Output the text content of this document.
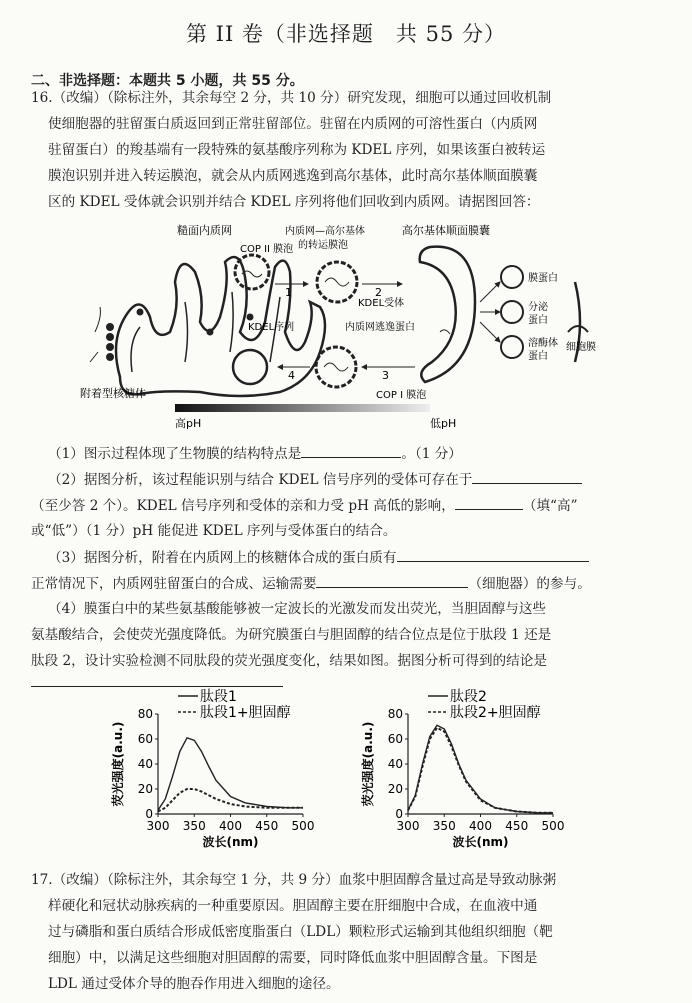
第 II 卷（非选择题　共 55 分）
二、非选择题：本题共 5 小题，共 55 分。
16.（改编）（除标注外，其余每空 2 分，共 10 分）研究发现，细胞可以通过回收机制
使细胞器的驻留蛋白质返回到正常驻留部位。驻留在内质网的可溶性蛋白（内质网
驻留蛋白）的羧基端有一段特殊的氨基酸序列称为 KDEL 序列，如果该蛋白被转运
膜泡识别并进入转运膜泡，就会从内质网逃逸到高尔基体，此时高尔基体顺面膜囊
区的 KDEL 受体就会识别并结合 KDEL 序列将他们回收到内质网。请据图回答：
糙面内质网
COP II 膜泡
内质网—高尔基体
的转运膜泡
高尔基体顺面膜囊
KDEL受体
KDEL序列	内质网逃逸蛋白
COP I 膜泡
附着型核糖体
高pH	低pH
膜蛋白
分泌
蛋白
溶酶体
蛋白
细胞膜
1	2
3
4
（1）图示过程体现了生物膜的结构特点是	。（1 分）
（2）据图分析，该过程能识别与结合 KDEL 信号序列的受体可存在于
（至少答 2 个）。KDEL 信号序列和受体的亲和力受 pH 高低的影响，	（填“高”
或“低”）（1 分）pH 能促进 KDEL 序列与受体蛋白的结合。
（3）据图分析，附着在内质网上的核糖体合成的蛋白质有
正常情况下，内质网驻留蛋白的合成、运输需要	（细胞器）的参与。
（4）膜蛋白中的某些氨基酸能够被一定波长的光激发而发出荧光，当胆固醇与这些
氨基酸结合，会使荧光强度降低。为研究膜蛋白与胆固醇的结合位点是位于肽段 1 还是
肽段 2，设计实验检测不同肽段的荧光强度变化，结果如图。据图分析可得到的结论是
0
20
40
60
80
300 350 400 450 500
波长(nm)
荧光强度(a.u.)
肽段1
肽段1+胆固醇
0
20
40
60
80
300 350 400 450 500
波长(nm)
荧光强度(a.u.)
肽段2
肽段2+胆固醇
17.（改编）（除标注外，其余每空 1 分，共 9 分）血浆中胆固醇含量过高是导致动脉粥
样硬化和冠状动脉疾病的一种重要原因。胆固醇主要在肝细胞中合成，在血液中通
过与磷脂和蛋白质结合形成低密度脂蛋白（LDL）颗粒形式运输到其他组织细胞（靶
细胞）中，以满足这些细胞对胆固醇的需要，同时降低血浆中胆固醇含量。下图是
LDL 通过受体介导的胞吞作用进入细胞的途径。
